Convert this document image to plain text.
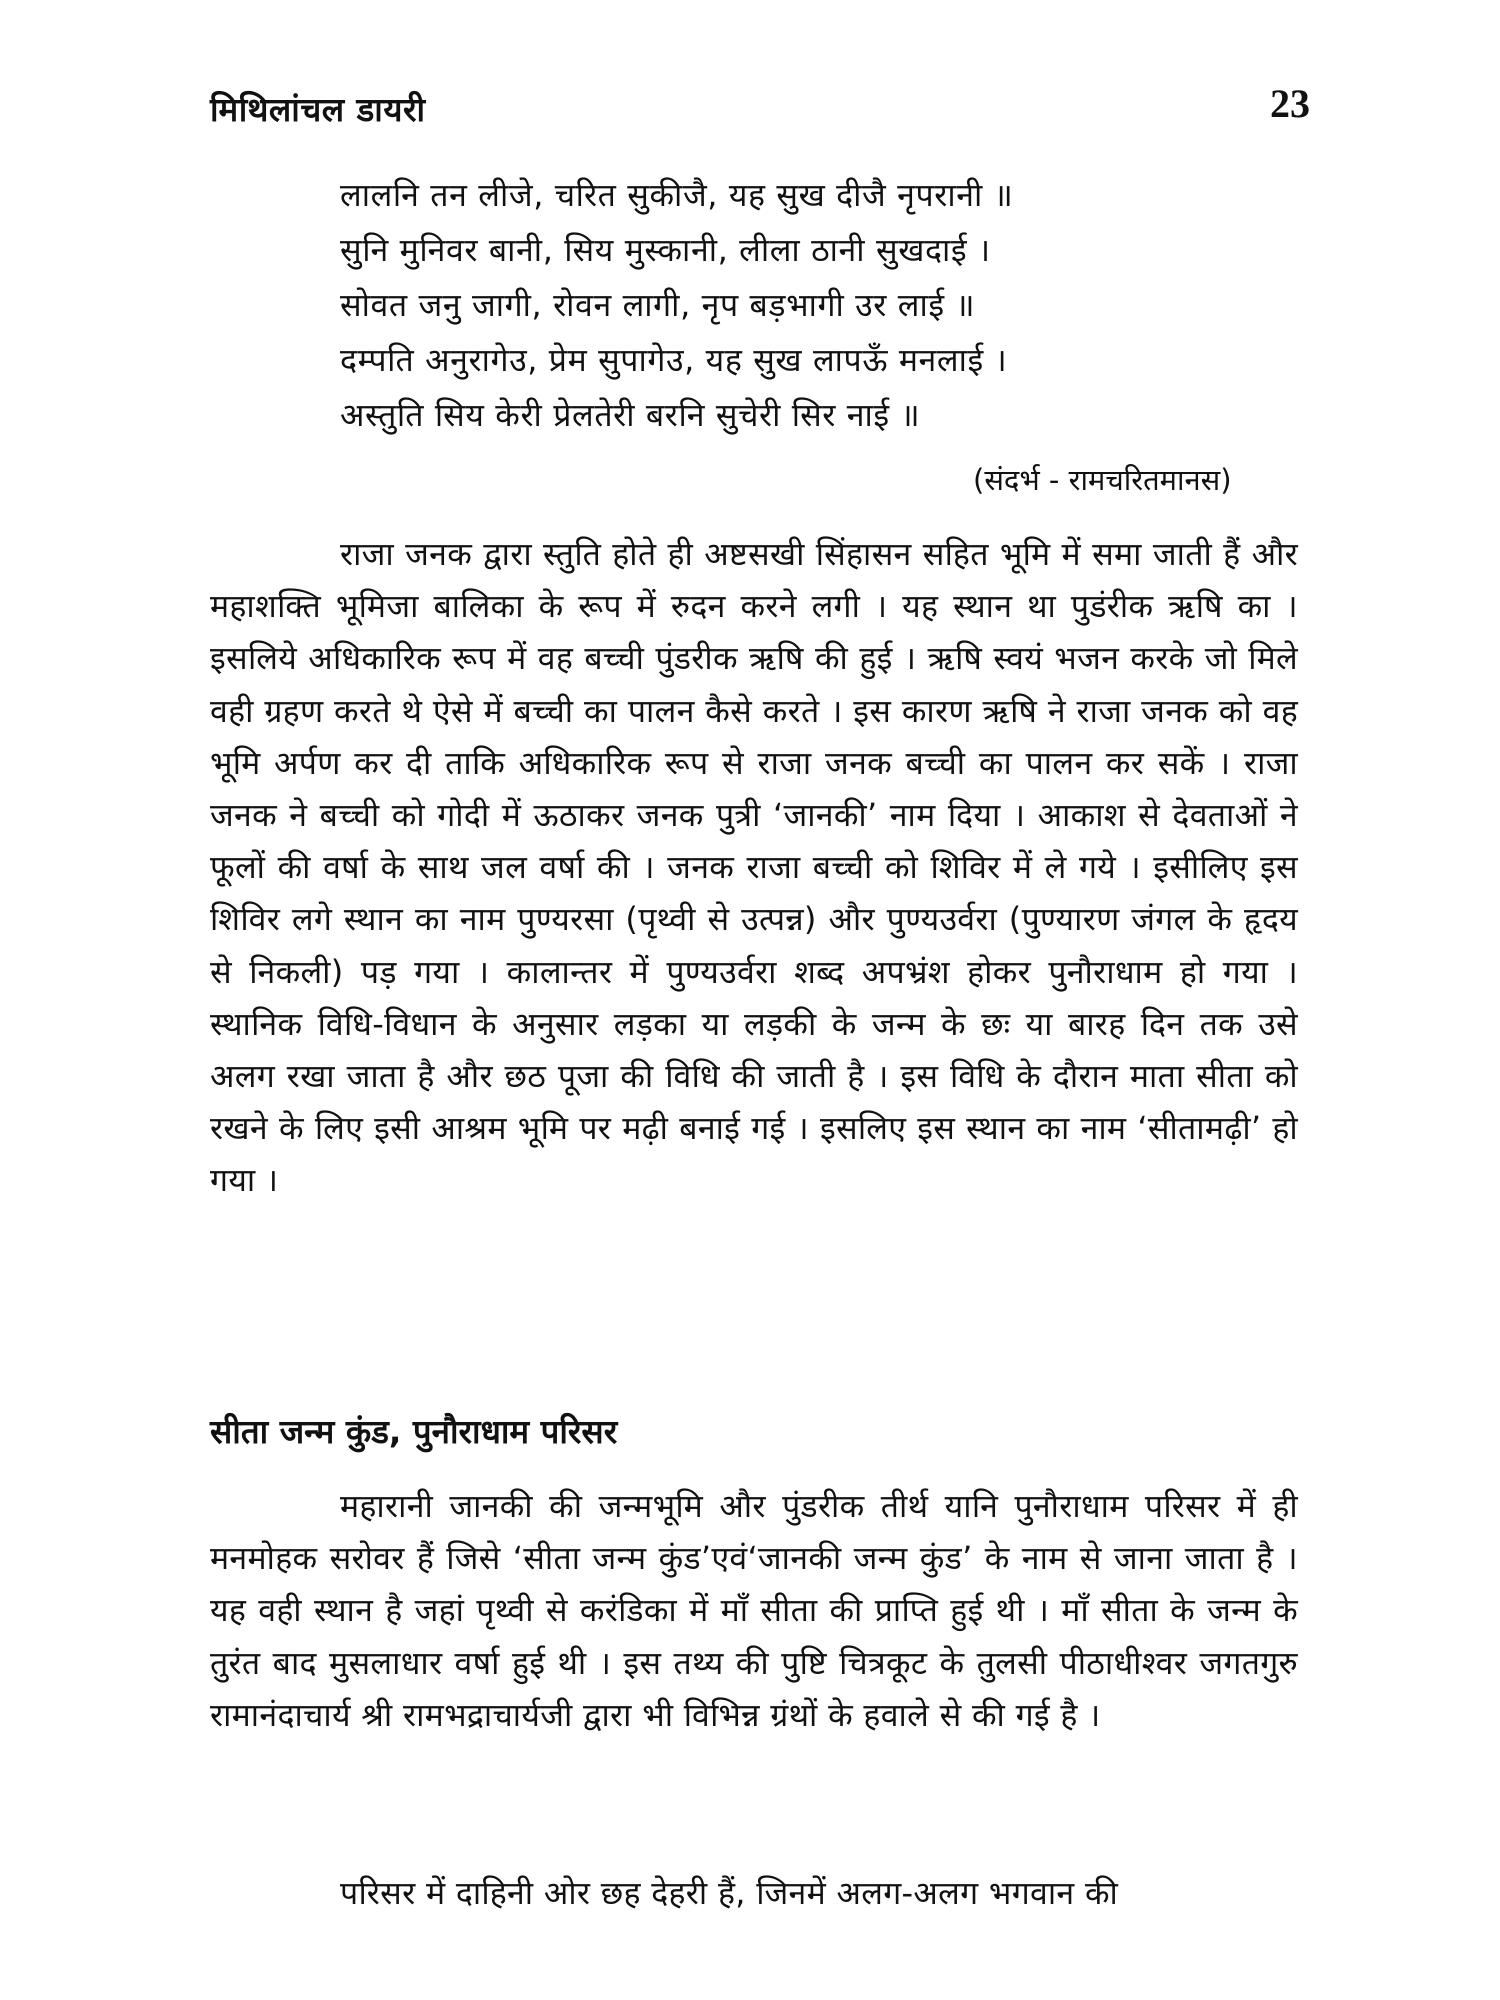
मिथिलांचल डायरी	23
लालनि तन लीजे, चरित सुकीजै, यह सुख दीजै नृपरानी ॥
सुनि मुनिवर बानी, सिय मुस्कानी, लीला ठानी सुखदाई ।
सोवत जनु जागी, रोवन लागी, नृप बड़भागी उर लाई ॥
दम्पति अनुरागेउ, प्रेम सुपागेउ, यह सुख लापऊँ मनलाई ।
अस्तुति सिय केरी प्रेलतेरी बरनि सुचेरी सिर नाई ॥
(संदर्भ - रामचरितमानस)

राजा जनक द्वारा स्तुति होते ही अष्टसखी सिंहासन सहित भूमि में समा जाती हैं और महाशक्ति भूमिजा बालिका के रूप में रुदन करने लगी । यह स्थान था पुडंरीक ऋषि का । इसलिये अधिकारिक रूप में वह बच्ची पुंडरीक ऋषि की हुई । ऋषि स्वयं भजन करके जो मिले वही ग्रहण करते थे ऐसे में बच्ची का पालन कैसे करते । इस कारण ऋषि ने राजा जनक को वह भूमि अर्पण कर दी ताकि अधिकारिक रूप से राजा जनक बच्ची का पालन कर सकें । राजा जनक ने बच्ची को गोदी में ऊठाकर जनक पुत्री ‘जानकी’ नाम दिया । आकाश से देवताओं ने फूलों की वर्षा के साथ जल वर्षा की । जनक राजा बच्ची को शिविर में ले गये । इसीलिए इस शिविर लगे स्थान का नाम पुण्यरसा (पृथ्वी से उत्पन्न) और पुण्यउर्वरा (पुण्यारण जंगल के हृदय से निकली) पड़ गया । कालान्तर में पुण्यउर्वरा शब्द अपभ्रंश होकर पुनौराधाम हो गया । स्थानिक विधि-विधान के अनुसार लड़का या लड़की के जन्म के छः या बारह दिन तक उसे अलग रखा जाता है और छठ पूजा की विधि की जाती है । इस विधि के दौरान माता सीता को रखने के लिए इसी आश्रम भूमि पर मढ़ी बनाई गई । इसलिए इस स्थान का नाम ‘सीतामढ़ी’ हो गया ।

सीता जन्म कुंड, पुनौराधाम परिसर

महारानी जानकी की जन्मभूमि और पुंडरीक तीर्थ यानि पुनौराधाम परिसर में ही मनमोहक सरोवर हैं जिसे ‘सीता जन्म कुंड’एवं‘जानकी जन्म कुंड’ के नाम से जाना जाता है । यह वही स्थान है जहां पृथ्वी से करंडिका में माँ सीता की प्राप्ति हुई थी । माँ सीता के जन्म के तुरंत बाद मुसलाधार वर्षा हुई थी । इस तथ्य की पुष्टि चित्रकूट के तुलसी पीठाधीश्वर जगतगुरु रामानंदाचार्य श्री रामभद्राचार्यजी द्वारा भी विभिन्न ग्रंथों के हवाले से की गई है ।

परिसर में दाहिनी ओर छह देहरी हैं, जिनमें अलग-अलग भगवान की
